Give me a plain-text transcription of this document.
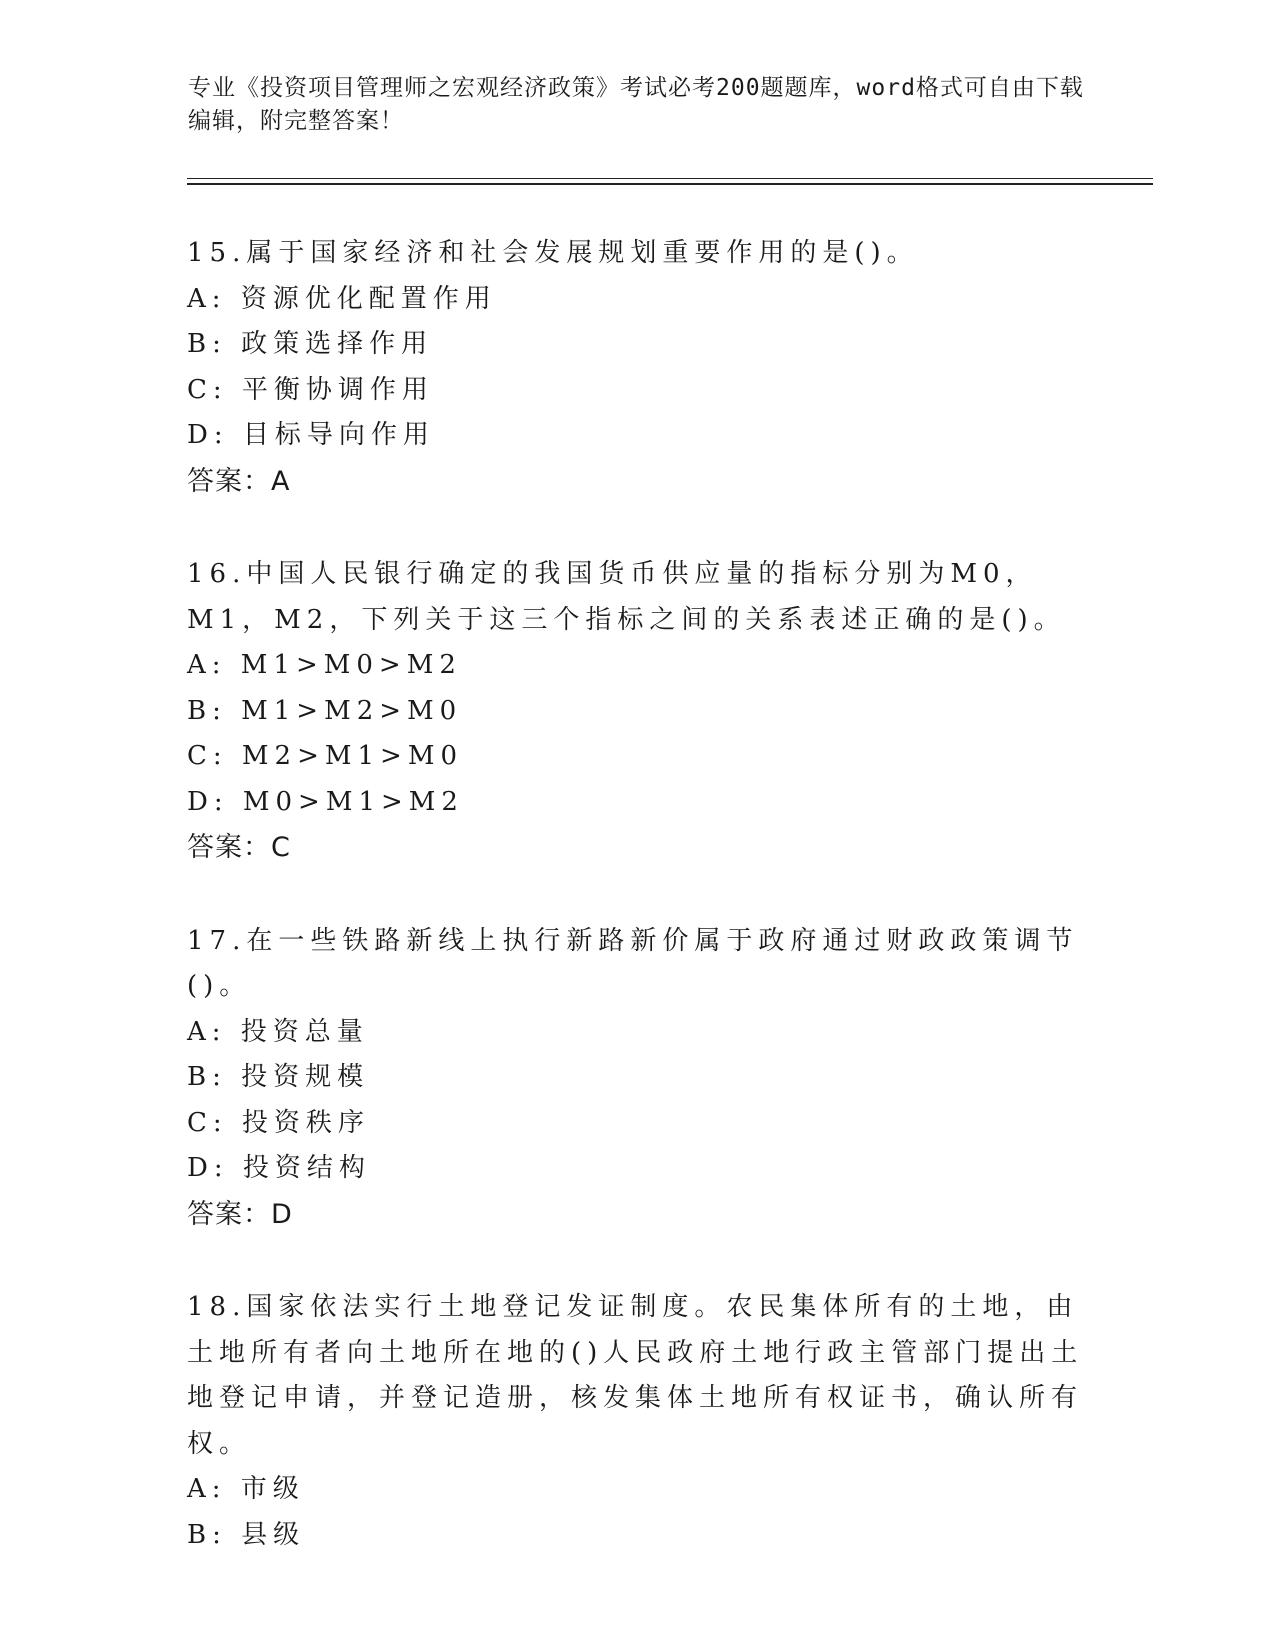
专业《投资项目管理师之宏观经济政策》考试必考200题题库，word格式可自由下载编辑，附完整答案！
15.属于国家经济和社会发展规划重要作用的是()。
A: 资源优化配置作用
B: 政策选择作用
C: 平衡协调作用
D: 目标导向作用
答案：A
16.中国人民银行确定的我国货币供应量的指标分别为M0，M1，M2，下列关于这三个指标之间的关系表述正确的是()。
A: M1>M0>M2
B: M1>M2>M0
C: M2>M1>M0
D: M0>M1>M2
答案：C
17.在一些铁路新线上执行新路新价属于政府通过财政政策调节()。
A: 投资总量
B: 投资规模
C: 投资秩序
D: 投资结构
答案：D
18.国家依法实行土地登记发证制度。农民集体所有的土地，由土地所有者向土地所在地的()人民政府土地行政主管部门提出土地登记申请，并登记造册，核发集体土地所有权证书，确认所有权。
A: 市级
B: 县级
